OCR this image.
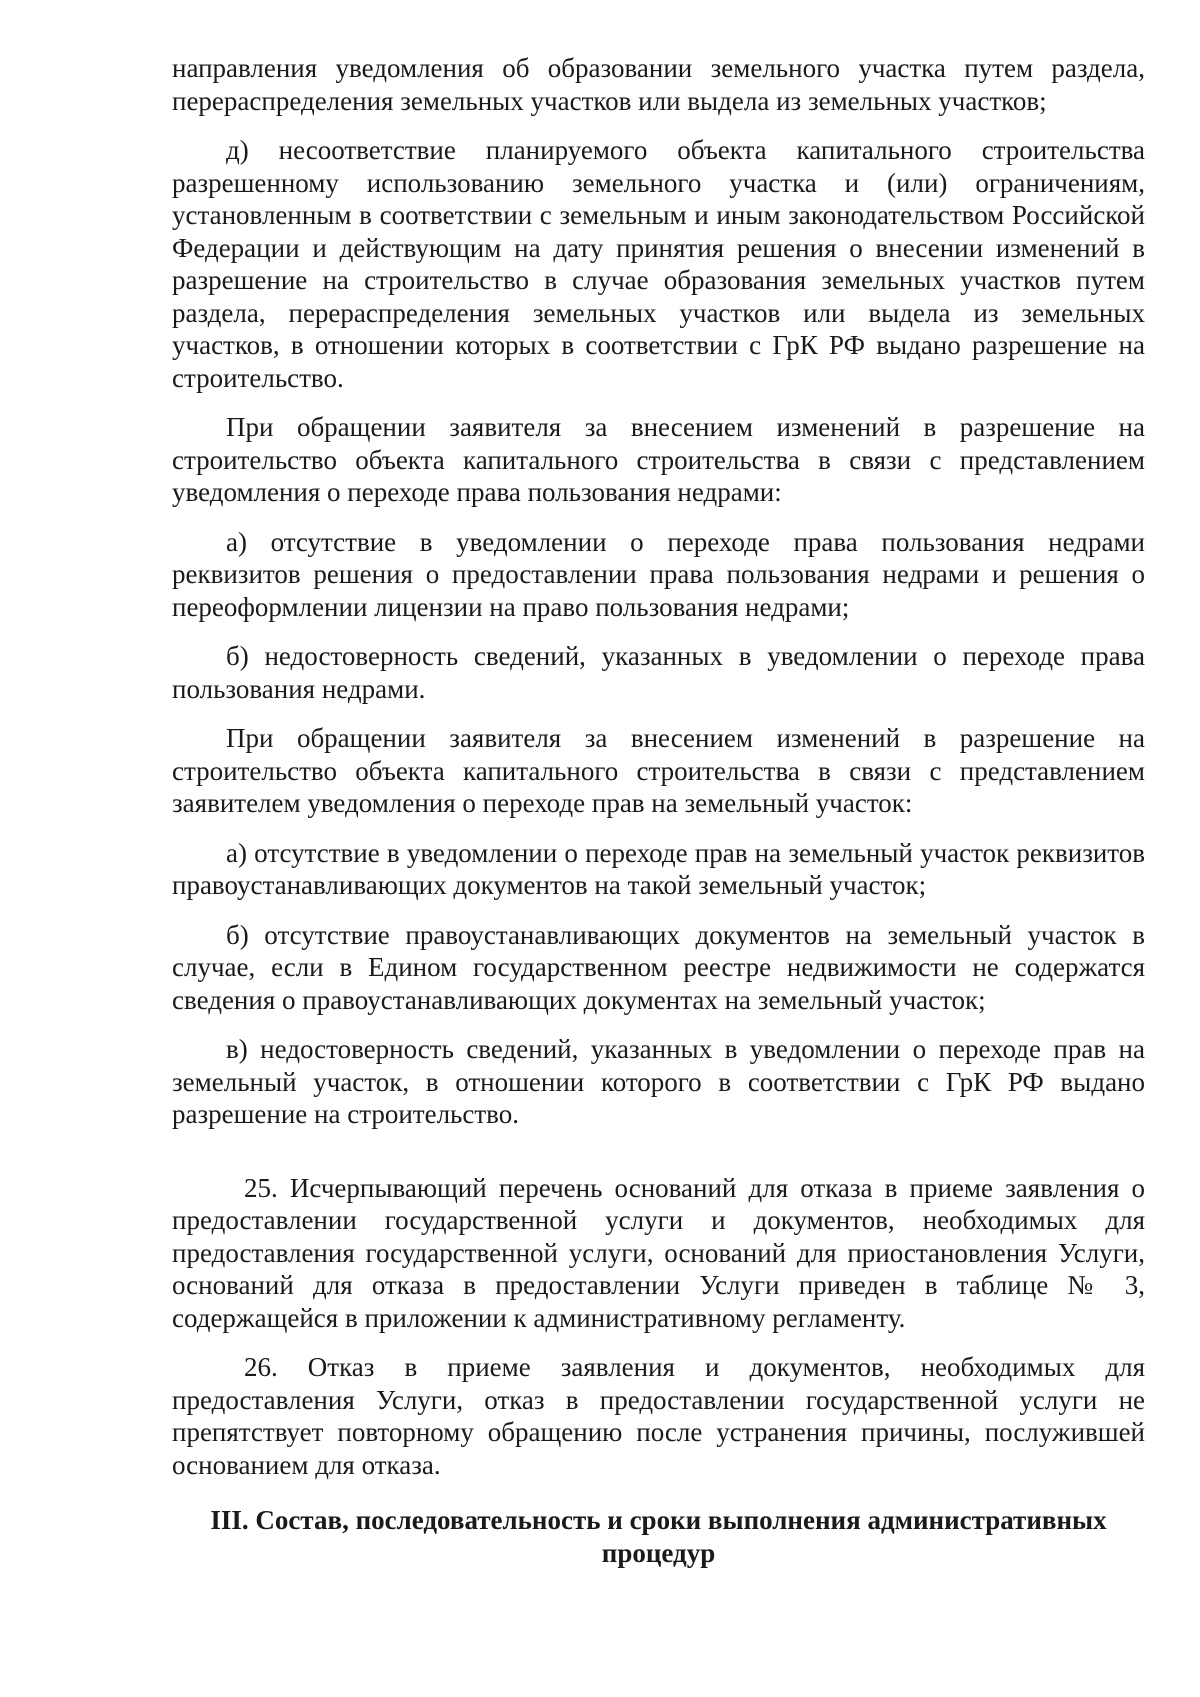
направления уведомления об образовании земельного участка путем раздела, перераспределения земельных участков или выдела из земельных участков;

д) несоответствие планируемого объекта капитального строительства разрешенному использованию земельного участка и (или) ограничениям, установленным в соответствии с земельным и иным законодательством Российской Федерации и действующим на дату принятия решения о внесении изменений в разрешение на строительство в случае образования земельных участков путем раздела, перераспределения земельных участков или выдела из земельных участков, в отношении которых в соответствии с ГрК РФ выдано разрешение на строительство.

При обращении заявителя за внесением изменений в разрешение на строительство объекта капитального строительства в связи с представлением уведомления о переходе права пользования недрами:

а) отсутствие в уведомлении о переходе права пользования недрами реквизитов решения о предоставлении права пользования недрами и решения о переоформлении лицензии на право пользования недрами;

б) недостоверность сведений, указанных в уведомлении о переходе права пользования недрами.

При обращении заявителя за внесением изменений в разрешение на строительство объекта капитального строительства в связи с представлением заявителем уведомления о переходе прав на земельный участок:

а) отсутствие в уведомлении о переходе прав на земельный участок реквизитов правоустанавливающих документов на такой земельный участок;

б) отсутствие правоустанавливающих документов на земельный участок в случае, если в Едином государственном реестре недвижимости не содержатся сведения о правоустанавливающих документах на земельный участок;

в) недостоверность сведений, указанных в уведомлении о переходе прав на земельный участок, в отношении которого в соответствии с ГрК РФ выдано разрешение на строительство.

25. Исчерпывающий перечень оснований для отказа в приеме заявления о предоставлении государственной услуги и документов, необходимых для предоставления государственной услуги, оснований для приостановления Услуги, оснований для отказа в предоставлении Услуги приведен в таблице № 3, содержащейся в приложении к административному регламенту.

26. Отказ в приеме заявления и документов, необходимых для предоставления Услуги, отказ в предоставлении государственной услуги не препятствует повторному обращению после устранения причины, послужившей основанием для отказа.

III. Состав, последовательность и сроки выполнения административных процедур
